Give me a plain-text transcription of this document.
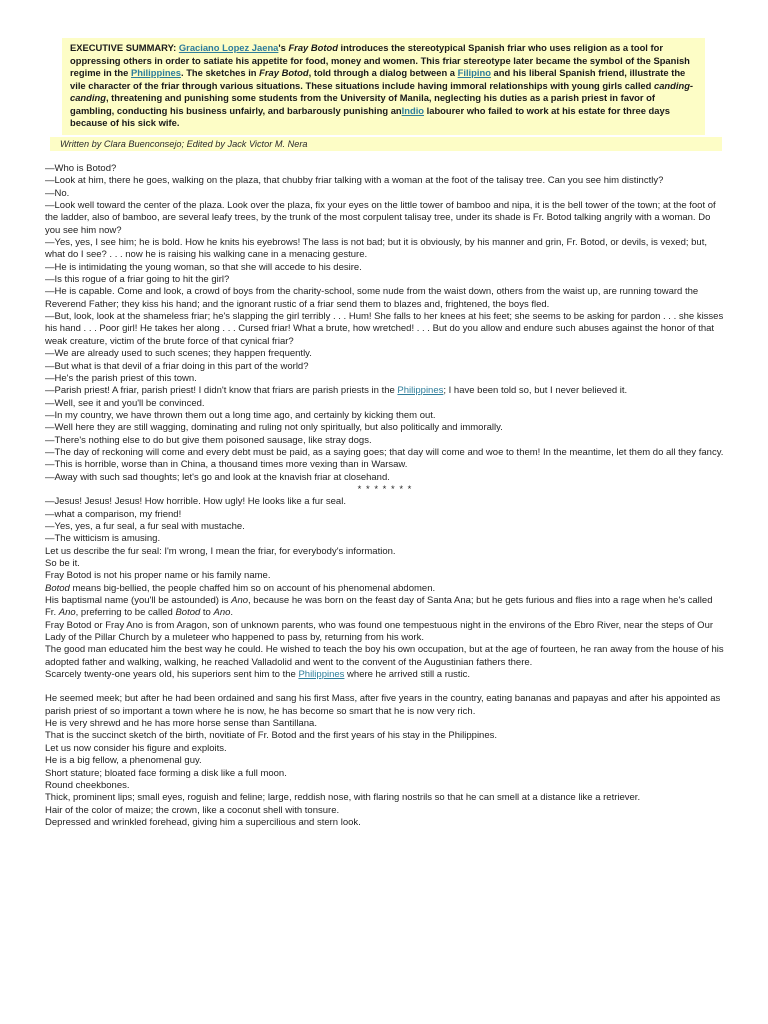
EXECUTIVE SUMMARY: Graciano Lopez Jaena's Fray Botod introduces the stereotypical Spanish friar who uses religion as a tool for oppressing others in order to satiate his appetite for food, money and women. This friar stereotype later became the symbol of the Spanish regime in the Philippines. The sketches in Fray Botod, told through a dialog between a Filipino and his liberal Spanish friend, illustrate the vile character of the friar through various situations. These situations include having immoral relationships with young girls called canding-canding, threatening and punishing some students from the University of Manila, neglecting his duties as a parish priest in favor of gambling, conducting his business unfairly, and barbarously punishing anIndio labourer who failed to work at his estate for three days because of his sick wife.
Written by Clara Buenconsejo; Edited by Jack Victor M. Nera

—Who is Botod?

—Look at him, there he goes, walking on the plaza, that chubby friar talking with a woman at the foot of the talisay tree. Can you see him distinctly?

—No.

—Look well toward the center of the plaza. Look over the plaza, fix your eyes on the little tower of bamboo and nipa, it is the bell tower of the town; at the foot of the ladder, also of bamboo, are several leafy trees, by the trunk of the most corpulent talisay tree, under its shade is Fr. Botod talking angrily with a woman. Do you see him now?

—Yes, yes, I see him; he is bold. How he knits his eyebrows! The lass is not bad; but it is obviously, by his manner and grin, Fr. Botod, or devils, is vexed; but, what do I see? . . . now he is raising his walking cane in a menacing gesture.

—He is intimidating the young woman, so that she will accede to his desire.

—Is this rogue of a friar going to hit the girl?

—He is capable. Come and look, a crowd of boys from the charity-school, some nude from the waist down, others from the waist up, are running toward the Reverend Father; they kiss his hand; and the ignorant rustic of a friar send them to blazes and, frightened, the boys fled.

—But, look, look at the shameless friar; he's slapping the girl terribly . . . Hum! She falls to her knees at his feet; she seems to be asking for pardon . . . she kisses his hand . . . Poor girl! He takes her along . . . Cursed friar! What a brute, how wretched! . . . But do you allow and endure such abuses against the honor of that weak creature, victim of the brute force of that cynical friar?

—We are already used to such scenes; they happen frequently.

—But what is that devil of a friar doing in this part of the world?

—He's the parish priest of this town.

—Parish priest! A friar, parish priest! I didn't know that friars are parish priests in the Philippines; I have been told so, but I never believed it.

—Well, see it and you'll be convinced.

—In my country, we have thrown them out a long time ago, and certainly by kicking them out.

—Well here they are still wagging, dominating and ruling not only spiritually, but also politically and immorally.

—There's nothing else to do but give them poisoned sausage, like stray dogs.

—The day of reckoning will come and every debt must be paid, as a saying goes; that day will come and woe to them! In the meantime, let them do all they fancy.

—This is horrible, worse than in China, a thousand times more vexing than in Warsaw.

—Away with such sad thoughts; let's go and look at the knavish friar at closehand.

* * * * * * *

—Jesus! Jesus! Jesus! How horrible. How ugly! He looks like a fur seal.

—what a comparison, my friend!

—Yes, yes, a fur seal, a fur seal with mustache.

—The witticism is amusing.

Let us describe the fur seal: I'm wrong, I mean the friar, for everybody's information.

So be it.

Fray Botod is not his proper name or his family name.

Botod means big-bellied, the people chaffed him so on account of his phenomenal abdomen.

His baptismal name (you'll be astounded) is Ano, because he was born on the feast day of Santa Ana; but he gets furious and flies into a rage when he's called Fr. Ano, preferring to be called Botod to Ano.

Fray Botod or Fray Ano is from Aragon, son of unknown parents, who was found one tempestuous night in the environs of the Ebro River, near the steps of Our Lady of the Pillar Church by a muleteer who happened to pass by, returning from his work.

The good man educated him the best way he could. He wished to teach the boy his own occupation, but at the age of fourteen, he ran away from the house of his adopted father and walking, walking, he reached Valladolid and went to the convent of the Augustinian fathers there.

Scarcely twenty-one years old, his superiors sent him to the Philippines where he arrived still a rustic.

He seemed meek; but after he had been ordained and sang his first Mass, after five years in the country, eating bananas and papayas and after his appointed as parish priest of so important a town where he is now, he has become so smart that he is now very rich.

He is very shrewd and he has more horse sense than Santillana.

That is the succinct sketch of the birth, novitiate of Fr. Botod and the first years of his stay in the Philippines.

Let us now consider his figure and exploits.

He is a big fellow, a phenomenal guy.

Short stature; bloated face forming a disk like a full moon.

Round cheekbones.

Thick, prominent lips; small eyes, roguish and feline; large, reddish nose, with flaring nostrils so that he can smell at a distance like a retriever.

Hair of the color of maize; the crown, like a coconut shell with tonsure.

Depressed and wrinkled forehead, giving him a supercilious and stern look.
